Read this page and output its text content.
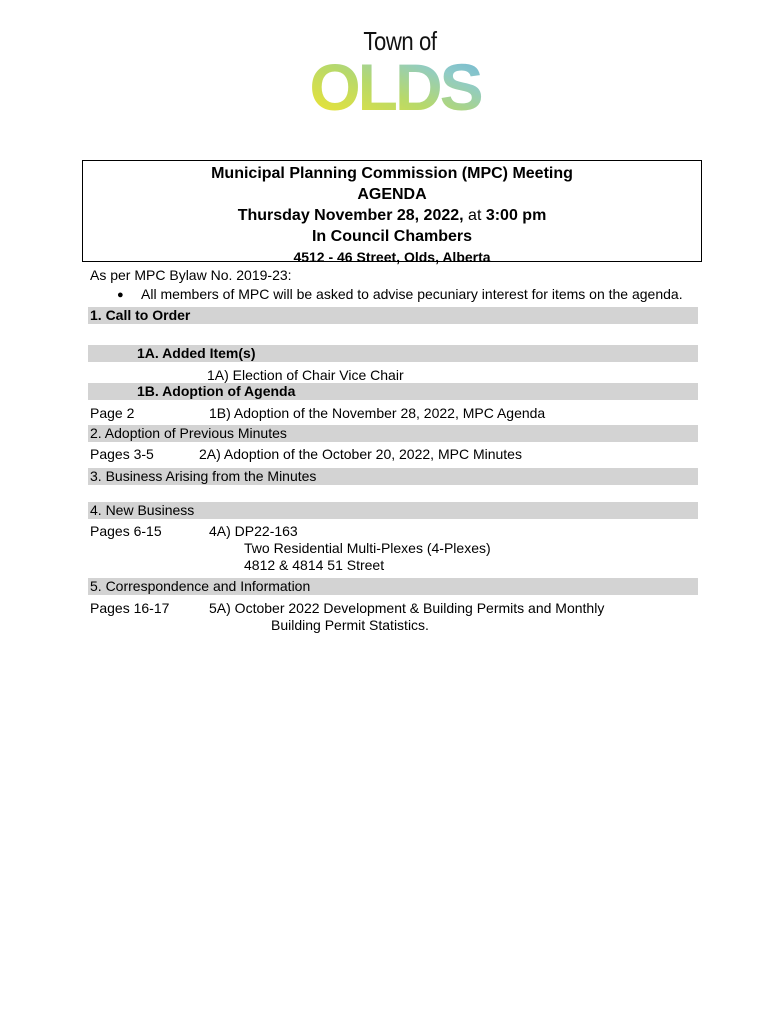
Town of
OLDS
Municipal Planning Commission (MPC) Meeting
AGENDA
Thursday November 28, 2022, at 3:00 pm
In Council Chambers
4512 - 46 Street, Olds, Alberta
As per MPC Bylaw No. 2019-23:
● All members of MPC will be asked to advise pecuniary interest for items on the agenda.
1. Call to Order
1A. Added Item(s)
1A) Election of Chair Vice Chair
1B. Adoption of Agenda
Page 2	1B) Adoption of the November 28, 2022, MPC Agenda
2. Adoption of Previous Minutes
Pages 3-5	2A) Adoption of the October 20, 2022, MPC Minutes
3. Business Arising from the Minutes
4. New Business
Pages 6-15	4A) DP22-163
Two Residential Multi-Plexes (4-Plexes)
4812 & 4814 51 Street
5. Correspondence and Information
Pages 16-17	5A) October 2022 Development & Building Permits and Monthly
Building Permit Statistics.
